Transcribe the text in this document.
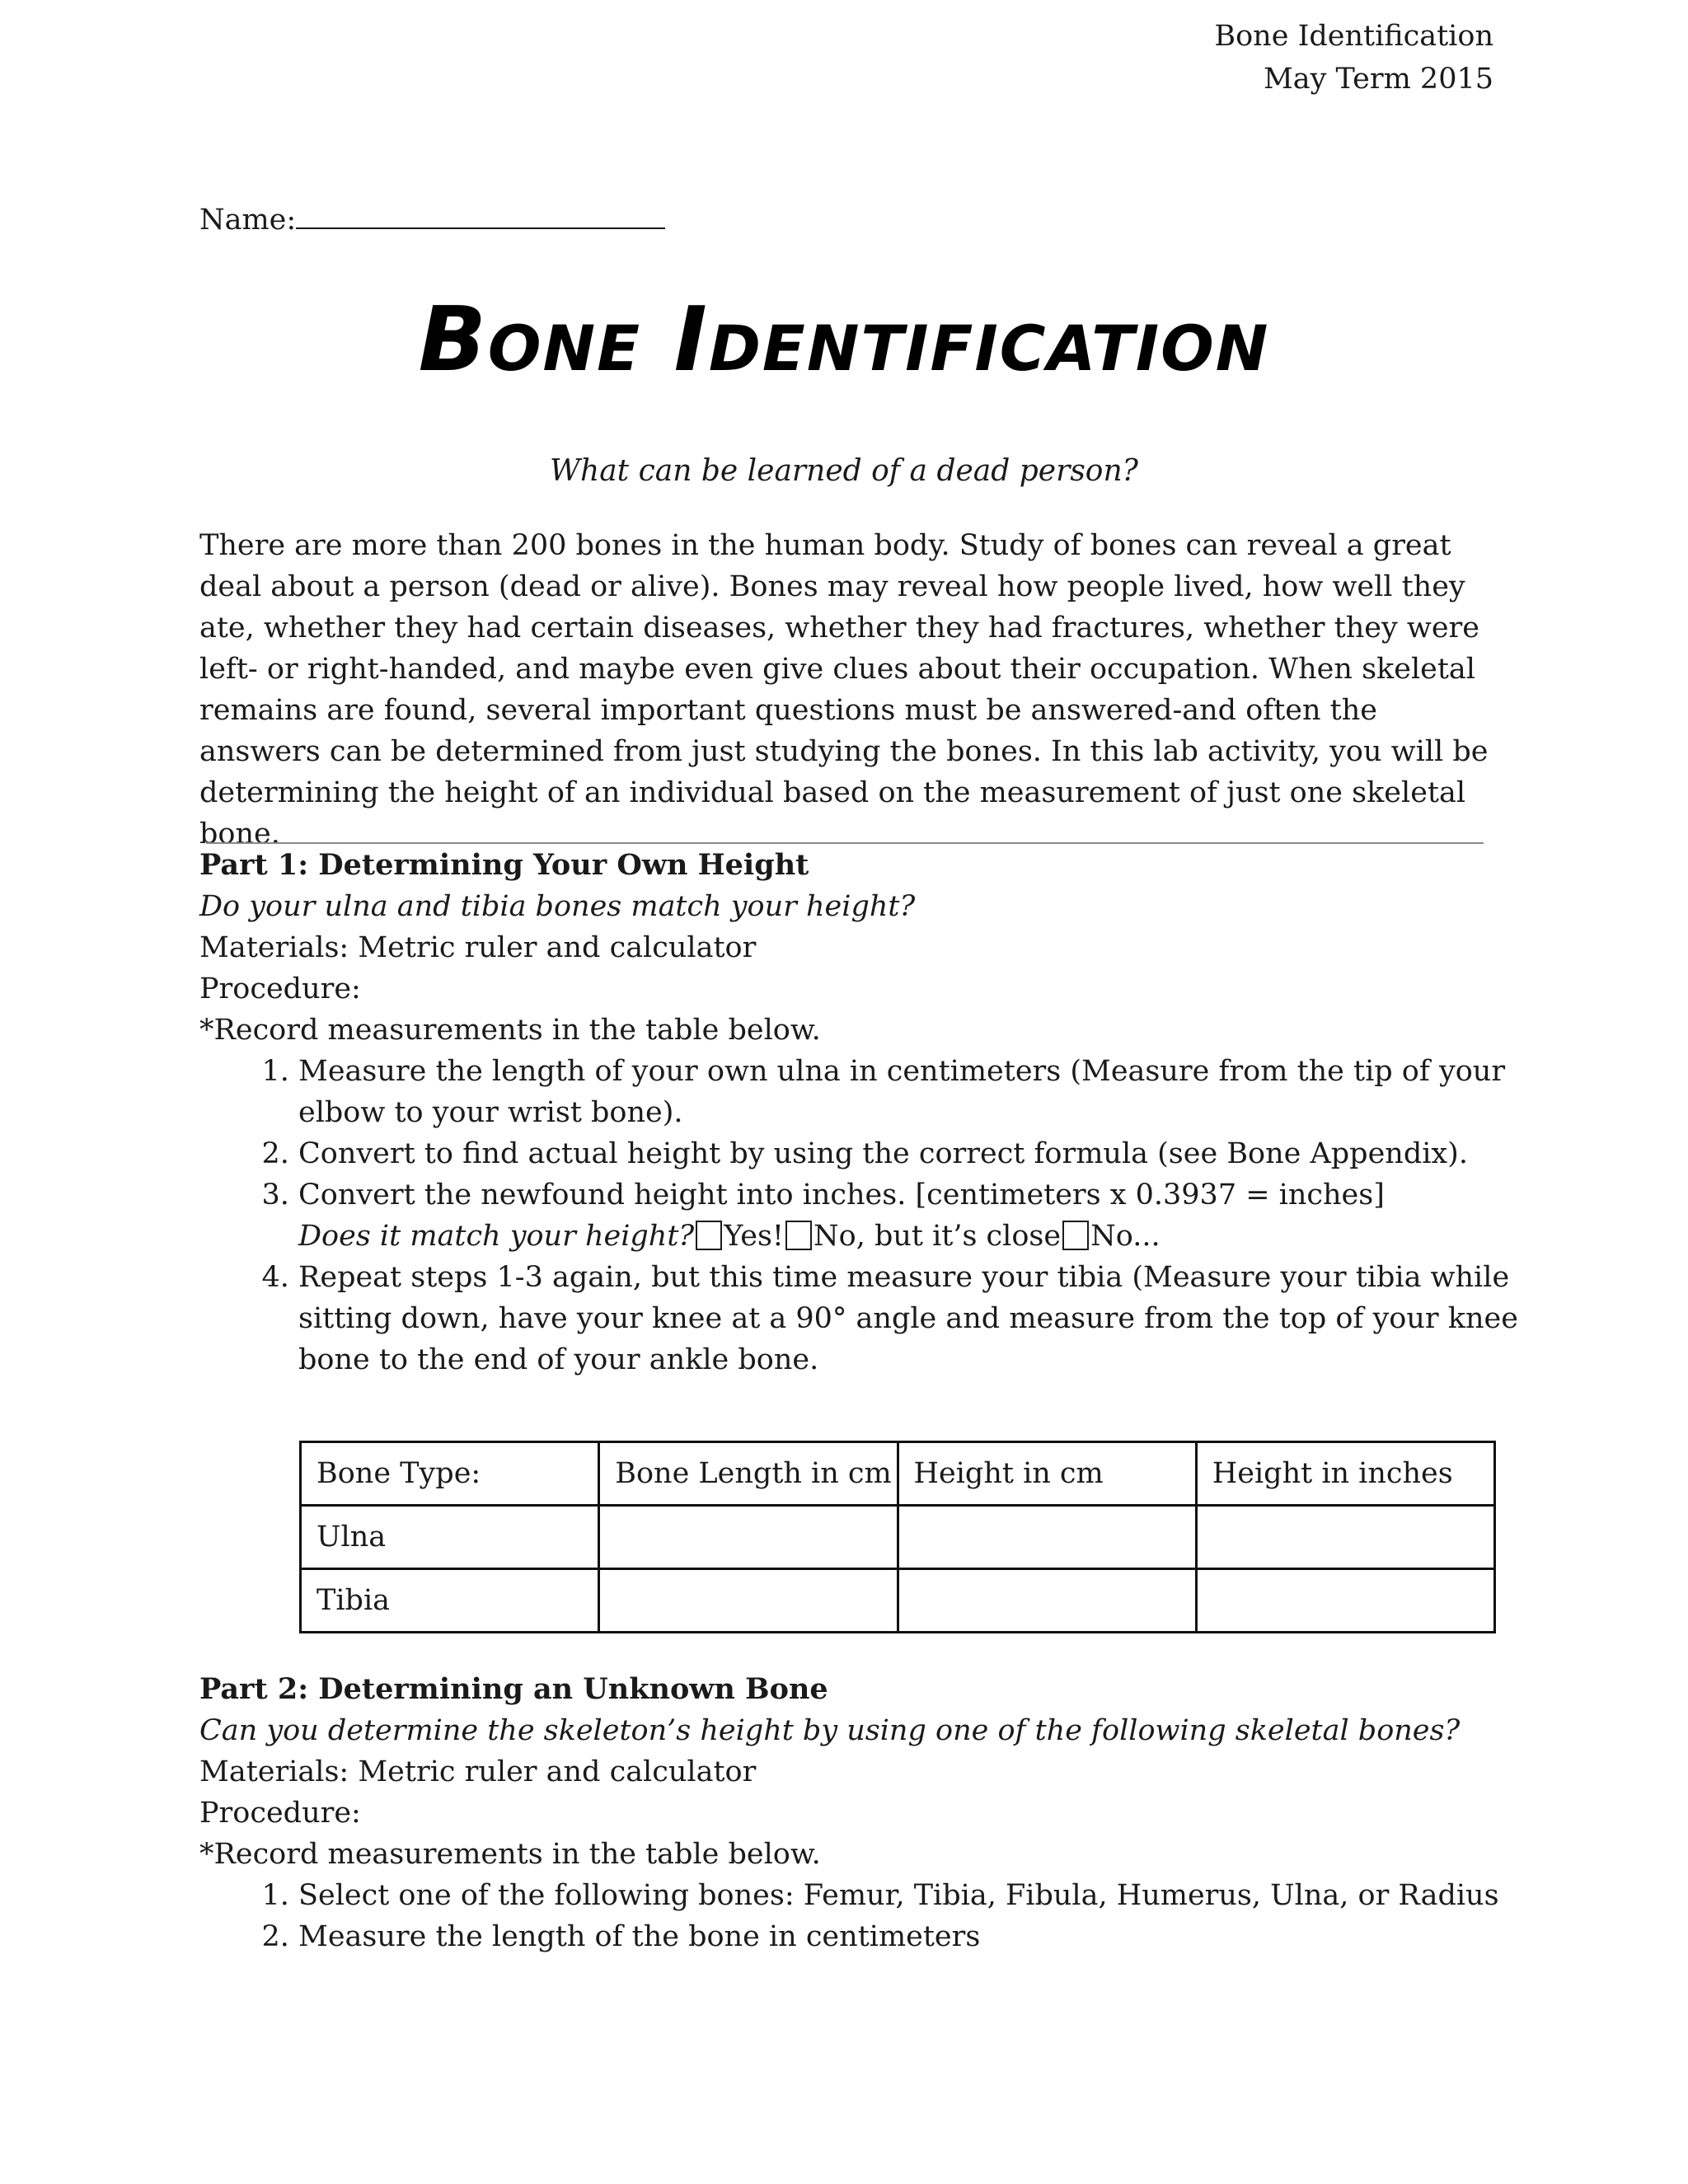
Bone Identification
May Term 2015
Name:
Bone Identification
What can be learned of a dead person?

There are more than 200 bones in the human body. Study of bones can reveal a great deal about a person (dead or alive). Bones may reveal how people lived, how well they ate, whether they had certain diseases, whether they had fractures, whether they were left- or right-handed, and maybe even give clues about their occupation. When skeletal remains are found, several important questions must be answered-and often the answers can be determined from just studying the bones. In this lab activity, you will be determining the height of an individual based on the measurement of just one skeletal bone.

Part 1: Determining Your Own Height
Do your ulna and tibia bones match your height?
Materials: Metric ruler and calculator
Procedure:
*Record measurements in the table below.
1. Measure the length of your own ulna in centimeters (Measure from the tip of your elbow to your wrist bone).
2. Convert to find actual height by using the correct formula (see Bone Appendix).
3. Convert the newfound height into inches. [centimeters x 0.3937 = inches]
Does it match your height? Yes! No, but it’s close No...
4. Repeat steps 1-3 again, but this time measure your tibia (Measure your tibia while sitting down, have your knee at a 90° angle and measure from the top of your knee bone to the end of your ankle bone.
Bone Type:	Bone Length in cm	Height in cm	Height in inches
Ulna			
Tibia			
Part 2: Determining an Unknown Bone
Can you determine the skeleton’s height by using one of the following skeletal bones?
Materials: Metric ruler and calculator
Procedure:
*Record measurements in the table below.
1. Select one of the following bones: Femur, Tibia, Fibula, Humerus, Ulna, or Radius
2. Measure the length of the bone in centimeters
